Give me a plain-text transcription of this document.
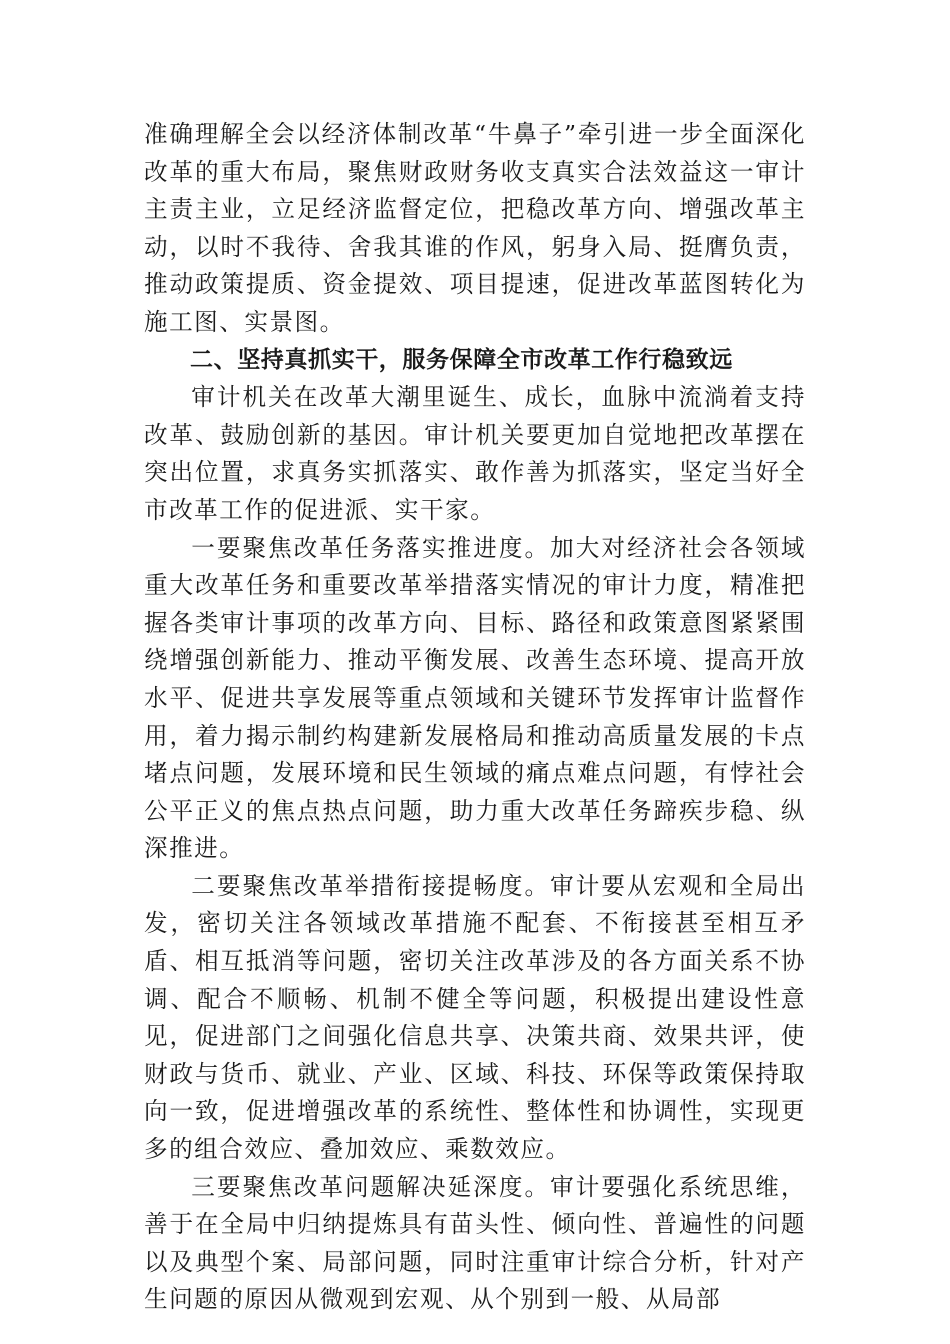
准确理解全会以经济体制改革“牛鼻子”牵引进一步全面深化改革的重大布局，聚焦财政财务收支真实合法效益这一审计主责主业，立足经济监督定位，把稳改革方向、增强改革主动，以时不我待、舍我其谁的作风，躬身入局、挺膺负责，推动政策提质、资金提效、项目提速，促进改革蓝图转化为施工图、实景图。

二、坚持真抓实干，服务保障全市改革工作行稳致远

审计机关在改革大潮里诞生、成长，血脉中流淌着支持改革、鼓励创新的基因。审计机关要更加自觉地把改革摆在突出位置，求真务实抓落实、敢作善为抓落实，坚定当好全市改革工作的促进派、实干家。

一要聚焦改革任务落实推进度。加大对经济社会各领域重大改革任务和重要改革举措落实情况的审计力度，精准把握各类审计事项的改革方向、目标、路径和政策意图紧紧围绕增强创新能力、推动平衡发展、改善生态环境、提高开放水平、促进共享发展等重点领域和关键环节发挥审计监督作用，着力揭示制约构建新发展格局和推动高质量发展的卡点堵点问题，发展环境和民生领域的痛点难点问题，有悖社会公平正义的焦点热点问题，助力重大改革任务蹄疾步稳、纵深推进。

二要聚焦改革举措衔接提畅度。审计要从宏观和全局出发，密切关注各领域改革措施不配套、不衔接甚至相互矛盾、相互抵消等问题，密切关注改革涉及的各方面关系不协调、配合不顺畅、机制不健全等问题，积极提出建设性意见，促进部门之间强化信息共享、决策共商、效果共评，使财政与货币、就业、产业、区域、科技、环保等政策保持取向一致，促进增强改革的系统性、整体性和协调性，实现更多的组合效应、叠加效应、乘数效应。

三要聚焦改革问题解决延深度。审计要强化系统思维，善于在全局中归纳提炼具有苗头性、倾向性、普遍性的问题以及典型个案、局部问题，同时注重审计综合分析，针对产生问题的原因从微观到宏观、从个别到一般、从局部
